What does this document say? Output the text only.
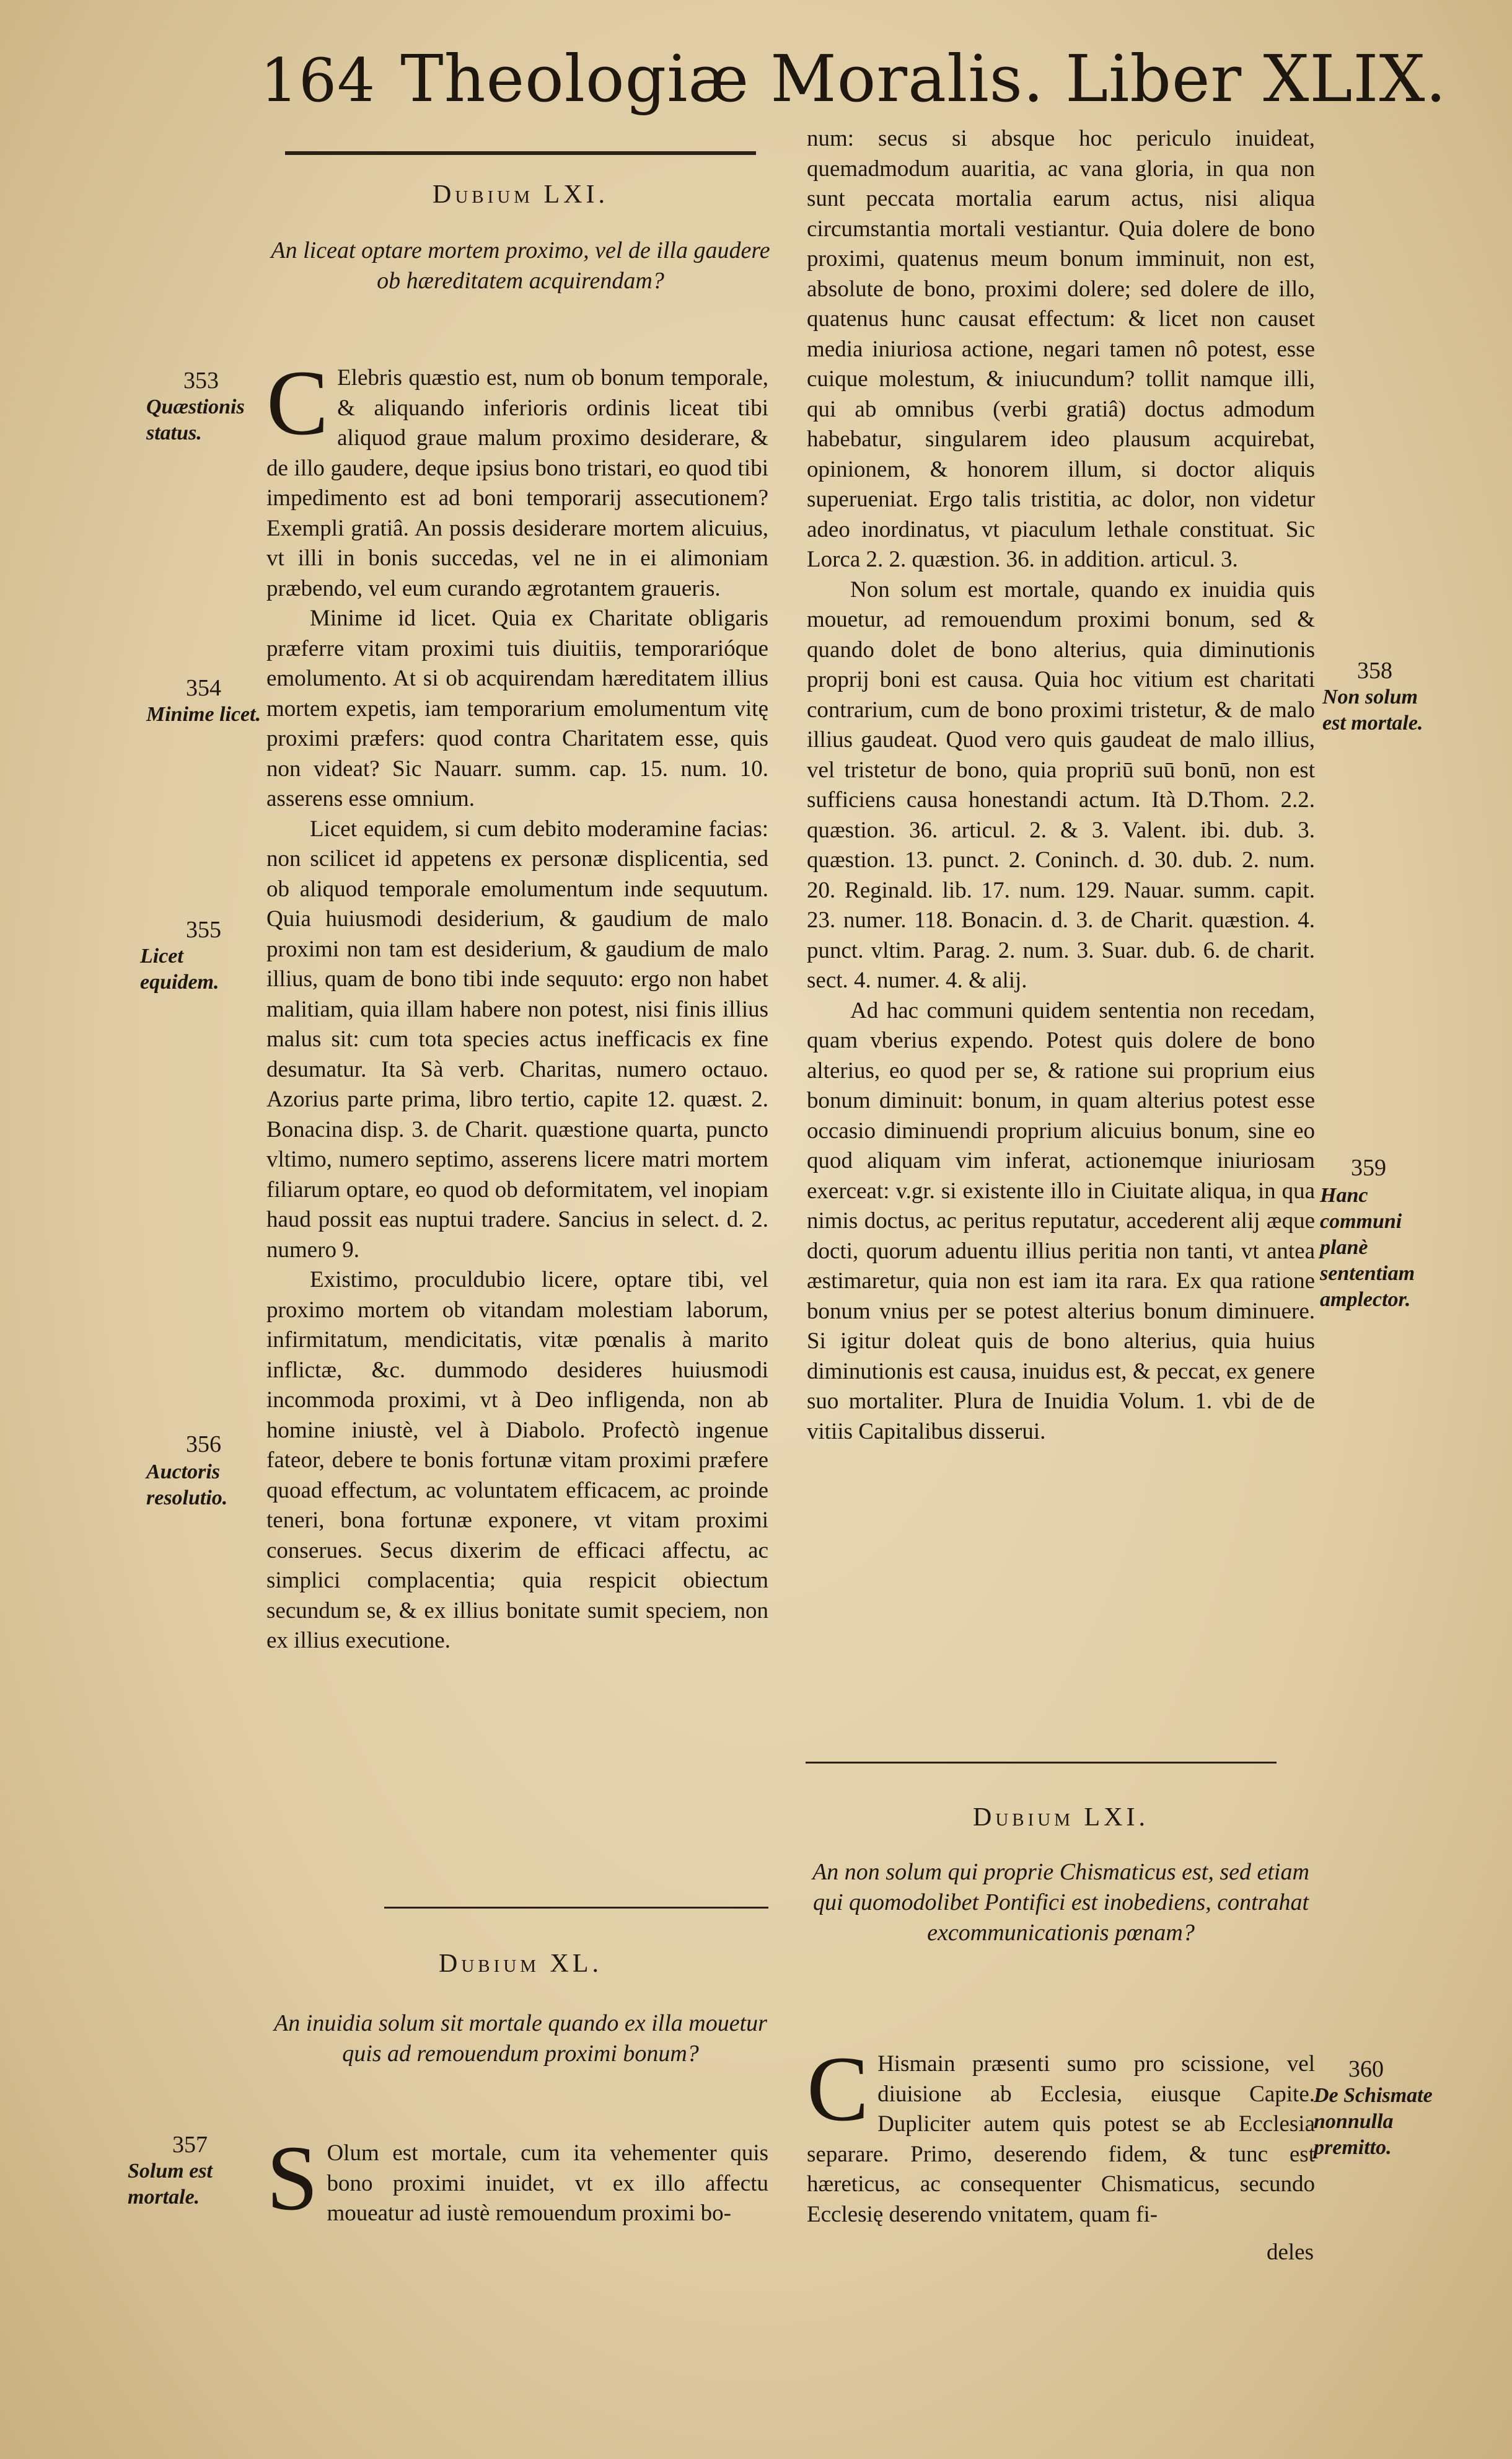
164 Theologiæ Moralis. Liber XLIX.

Dubium LXI.

An liceat optare mortem proximo, vel de illa gaudere ob hæreditatem acquirendam?

C Elebris quæstio est, num ob bonum temporale, & aliquando inferioris ordinis liceat tibi aliquod graue malum proximo desiderare, & de illo gaudere, deque ipsius bono tristari, eo quod tibi impedimento est ad boni temporarij assecutionem? Exempli gratiâ. An possis desiderare mortem alicuius, vt illi in bonis succedas, vel ne in ei alimoniam præbendo, vel eum curando ægrotantem graueris.

Minime id licet. Quia ex Charitate obligaris præferre vitam proximi tuis diuitiis, temporarióque emolumento. At si ob acquirendam hæreditatem illius mortem expetis, iam temporarium emolumentum vitę proximi præfers: quod contra Charitatem esse, quis non videat? Sic Nauarr. summ. cap. 15. num. 10. asserens esse omnium.

Licet equidem, si cum debito moderamine facias: non scilicet id appetens ex personæ displicentia, sed ob aliquod temporale emolumentum inde sequutum. Quia huiusmodi desiderium, & gaudium de malo proximi non tam est desiderium, & gaudium de malo illius, quam de bono tibi inde sequuto: ergo non habet malitiam, quia illam habere non potest, nisi finis illius malus sit: cum tota species actus inefficacis ex fine desumatur. Ita Sà verb. Charitas, numero octauo. Azorius parte prima, libro tertio, capite 12. quæst. 2. Bonacina disp. 3. de Charit. quæstione quarta, puncto vltimo, numero septimo, asserens licere matri mortem filiarum optare, eo quod ob deformitatem, vel inopiam haud possit eas nuptui tradere. Sancius in select. d. 2. numero 9.

Existimo, proculdubio licere, optare tibi, vel proximo mortem ob vitandam molestiam laborum, infirmitatum, mendicitatis, vitæ pœnalis à marito inflictæ, &c. dummodo desideres huiusmodi incommoda proximi, vt à Deo infligenda, non ab homine iniustè, vel à Diabolo. Profectò ingenue fateor, debere te bonis fortunæ vitam proximi præfere quoad effectum, ac voluntatem efficacem, ac proinde teneri, bona fortunæ exponere, vt vitam proximi conserues. Secus dixerim de efficaci affectu, ac simplici complacentia; quia respicit obiectum secundum se, & ex illius bonitate sumit speciem, non ex illius executione.

Dubium XL.

An inuidia solum sit mortale quando ex illa mouetur quis ad remouendum proximi bonum?

S Olum est mortale, cum ita vehementer quis bono proximi inuidet, vt ex illo affectu moueatur ad iustè remouendum proximi bo-

353
Quæstionis status.
354
Minime licet.
355
Licet equidem.
356
Auctoris resolutio.
357
Solum est mortale.

num: secus si absque hoc periculo inuideat, quemadmodum auaritia, ac vana gloria, in qua non sunt peccata mortalia earum actus, nisi aliqua circumstantia mortali vestiantur. Quia dolere de bono proximi, quatenus meum bonum imminuit, non est, absolute de bono, proximi dolere; sed dolere de illo, quatenus hunc causat effectum: & licet non causet media iniuriosa actione, negari tamen nô potest, esse cuique molestum, & iniucundum? tollit namque illi, qui ab omnibus (verbi gratiâ) doctus admodum habebatur, singularem ideo plausum acquirebat, opinionem, & honorem illum, si doctor aliquis superueniat. Ergo talis tristitia, ac dolor, non videtur adeo inordinatus, vt piaculum lethale constituat. Sic Lorca 2. 2. quæstion. 36. in addition. articul. 3.

Non solum est mortale, quando ex inuidia quis mouetur, ad remouendum proximi bonum, sed & quando dolet de bono alterius, quia diminutionis proprij boni est causa. Quia hoc vitium est charitati contrarium, cum de bono proximi tristetur, & de malo illius gaudeat. Quod vero quis gaudeat de malo illius, vel tristetur de bono, quia propriū suū bonū, non est sufficiens causa honestandi actum. Ità D.Thom. 2.2. quæstion. 36. articul. 2. & 3. Valent. ibi. dub. 3. quæstion. 13. punct. 2. Coninch. d. 30. dub. 2. num. 20. Reginald. lib. 17. num. 129. Nauar. summ. capit. 23. numer. 118. Bonacin. d. 3. de Charit. quæstion. 4. punct. vltim. Parag. 2. num. 3. Suar. dub. 6. de charit. sect. 4. numer. 4. & alij.

Ad hac communi quidem sententia non recedam, quam vberius expendo. Potest quis dolere de bono alterius, eo quod per se, & ratione sui proprium eius bonum diminuit: bonum, in quam alterius potest esse occasio diminuendi proprium alicuius bonum, sine eo quod aliquam vim inferat, actionemque iniuriosam exerceat: v.gr. si existente illo in Ciuitate aliqua, in qua nimis doctus, ac peritus reputatur, accederent alij æque docti, quorum aduentu illius peritia non tanti, vt antea æstimaretur, quia non est iam ita rara. Ex qua ratione bonum vnius per se potest alterius bonum diminuere. Si igitur doleat quis de bono alterius, quia huius diminutionis est causa, inuidus est, & peccat, ex genere suo mortaliter. Plura de Inuidia Volum. 1. vbi de de vitiis Capitalibus disserui.

Dubium LXI.

An non solum qui proprie Chismaticus est, sed etiam qui quomodolibet Pontifici est inobediens, contrahat excommunicationis pœnam?

C Hismain præsenti sumo pro scissione, vel diuisione ab Ecclesia, eiusque Capite. Dupliciter autem quis potest se ab Ecclesia separare. Primo, deserendo fidem, & tunc est hæreticus, ac consequenter Chismaticus, secundo Ecclesię deserendo vnitatem, quam fi-

deles
358
Non solum est mortale.
359
Hanc communi planè sententiam amplector.
360
De Schismate nonnulla premitto.
